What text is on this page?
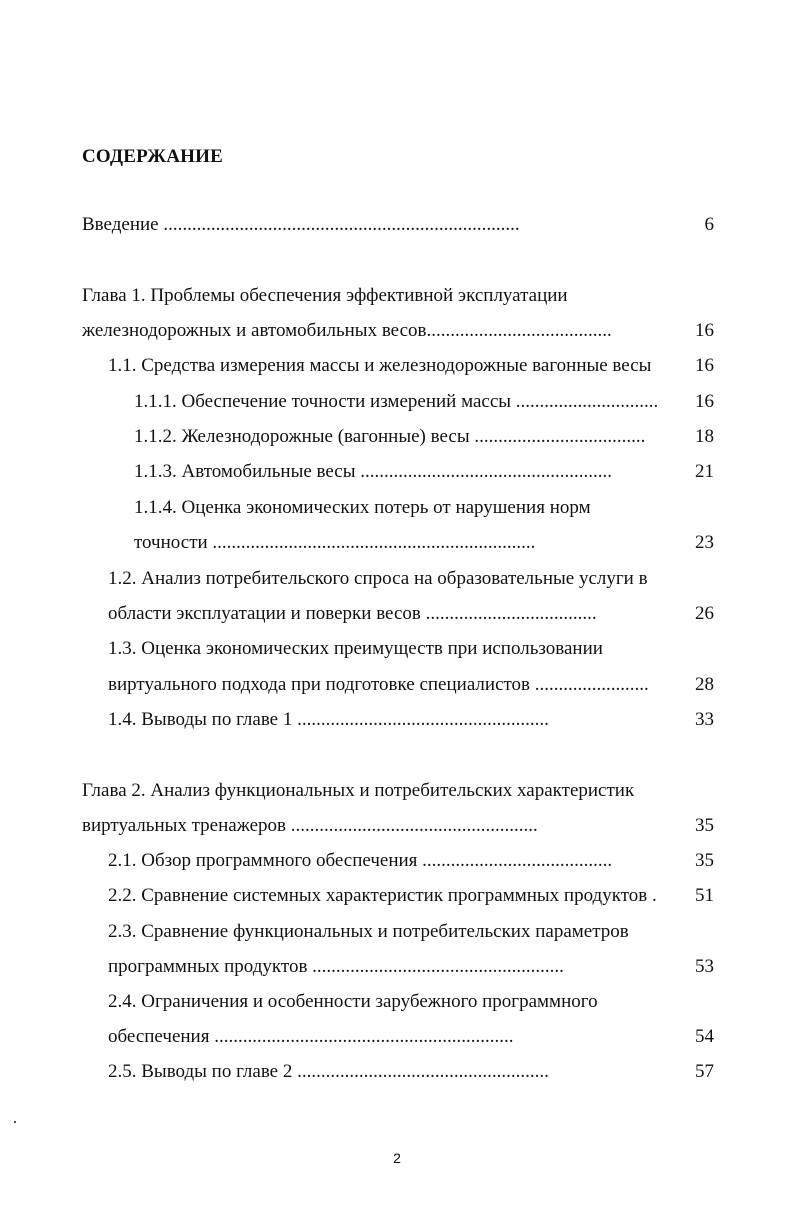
СОДЕРЖАНИЕ
Введение ...........................................................................	6
Глава 1. Проблемы обеспечения эффективной эксплуатации
железнодорожных и автомобильных весов.......................................	16
1.1. Средства измерения массы и железнодорожные вагонные весы	16
1.1.1. Обеспечение точности измерений массы ..............................	16
1.1.2. Железнодорожные (вагонные) весы ....................................	18
1.1.3. Автомобильные весы .....................................................	21
1.1.4. Оценка экономических потерь от нарушения норм
точности ....................................................................	23
1.2. Анализ потребительского спроса на образовательные услуги в
области эксплуатации и поверки весов ....................................	26
1.3. Оценка экономических преимуществ при использовании
виртуального подхода при подготовке специалистов ........................	28
1.4. Выводы по главе 1 .....................................................	33
Глава 2. Анализ функциональных и потребительских характеристик
виртуальных тренажеров ....................................................	35
2.1. Обзор программного обеспечения ........................................	35
2.2. Сравнение системных характеристик программных продуктов .	51
2.3. Сравнение функциональных и потребительских параметров
программных продуктов .....................................................	53
2.4. Ограничения и особенности зарубежного программного
обеспечения ...............................................................	54
2.5. Выводы по главе 2 .....................................................	57
2
